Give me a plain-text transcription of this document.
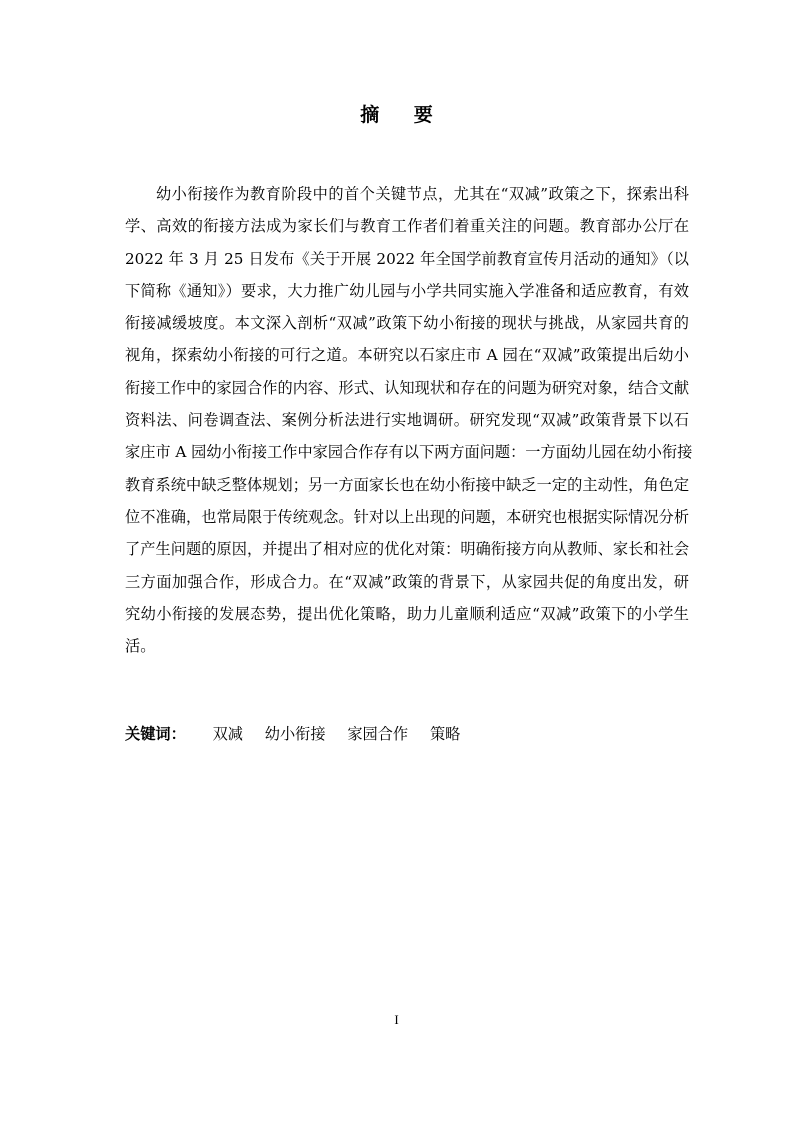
摘 要
幼小衔接作为教育阶段中的首个关键节点，尤其在“双减”政策之下，探索出科
学、高效的衔接方法成为家长们与教育工作者们着重关注的问题。教育部办公厅在
2022 年 3 月 25 日发布《关于开展 2022 年全国学前教育宣传月活动的通知》（以
下简称《通知》）要求，大力推广幼儿园与小学共同实施入学准备和适应教育，有效
衔接减缓坡度。本文深入剖析“双减”政策下幼小衔接的现状与挑战，从家园共育的
视角，探索幼小衔接的可行之道。本研究以石家庄市 A 园在“双减”政策提出后幼小
衔接工作中的家园合作的内容、形式、认知现状和存在的问题为研究对象，结合文献
资料法、问卷调查法、案例分析法进行实地调研。研究发现“双减”政策背景下以石
家庄市 A 园幼小衔接工作中家园合作存有以下两方面问题：一方面幼儿园在幼小衔接
教育系统中缺乏整体规划；另一方面家长也在幼小衔接中缺乏一定的主动性，角色定
位不准确，也常局限于传统观念。针对以上出现的问题，本研究也根据实际情况分析
了产生问题的原因，并提出了相对应的优化对策：明确衔接方向从教师、家长和社会
三方面加强合作，形成合力。在“双减”政策的背景下，从家园共促的角度出发，研
究幼小衔接的发展态势，提出优化策略，助力儿童顺利适应“双减”政策下的小学生
活。
关键词： 双减 幼小衔接 家园合作 策略
I
